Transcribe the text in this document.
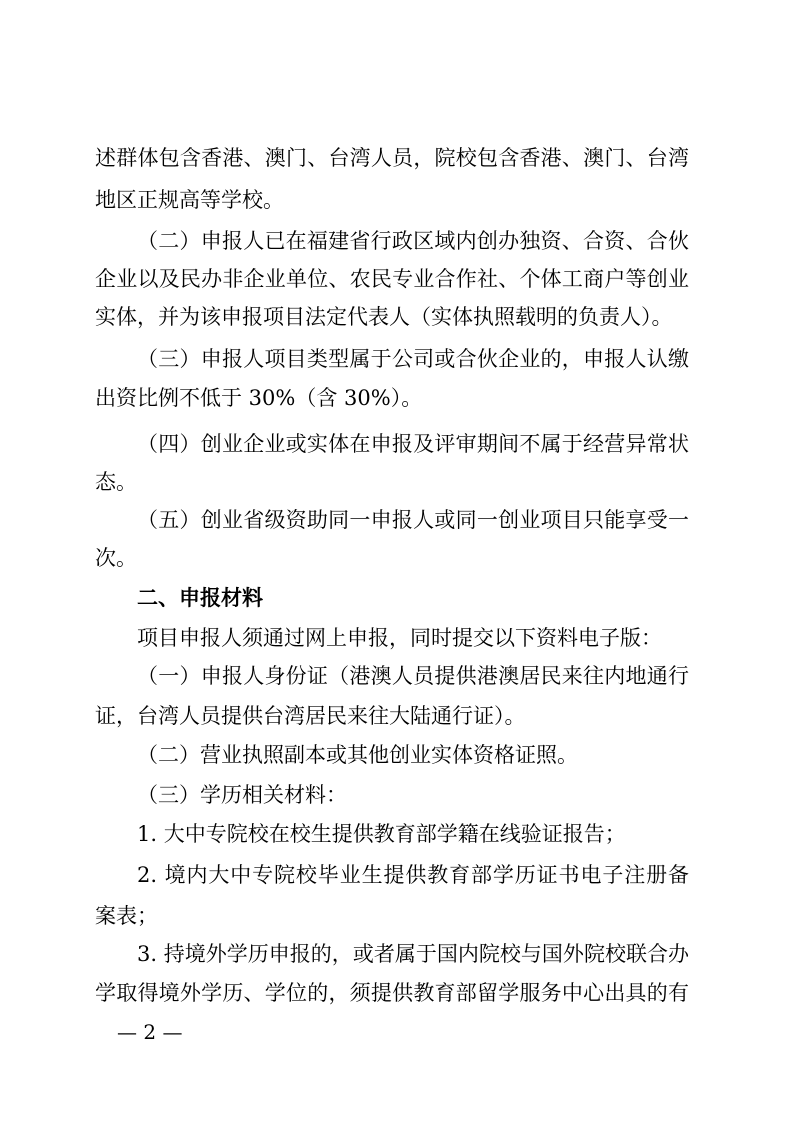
述群体包含香港、澳门、台湾人员，院校包含香港、澳门、台湾
地区正规高等学校。
（二）申报人已在福建省行政区域内创办独资、合资、合伙
企业以及民办非企业单位、农民专业合作社、个体工商户等创业
实体，并为该申报项目法定代表人（实体执照载明的负责人）。
（三）申报人项目类型属于公司或合伙企业的，申报人认缴
出资比例不低于 30%（含 30%）。
（四）创业企业或实体在申报及评审期间不属于经营异常状
态。
（五）创业省级资助同一申报人或同一创业项目只能享受一
次。
二、申报材料
项目申报人须通过网上申报，同时提交以下资料电子版：
（一）申报人身份证（港澳人员提供港澳居民来往内地通行
证，台湾人员提供台湾居民来往大陆通行证）。
（二）营业执照副本或其他创业实体资格证照。
（三）学历相关材料：
1. 大中专院校在校生提供教育部学籍在线验证报告；
2. 境内大中专院校毕业生提供教育部学历证书电子注册备
案表；
3. 持境外学历申报的，或者属于国内院校与国外院校联合办
学取得境外学历、学位的，须提供教育部留学服务中心出具的有
— 2 —
